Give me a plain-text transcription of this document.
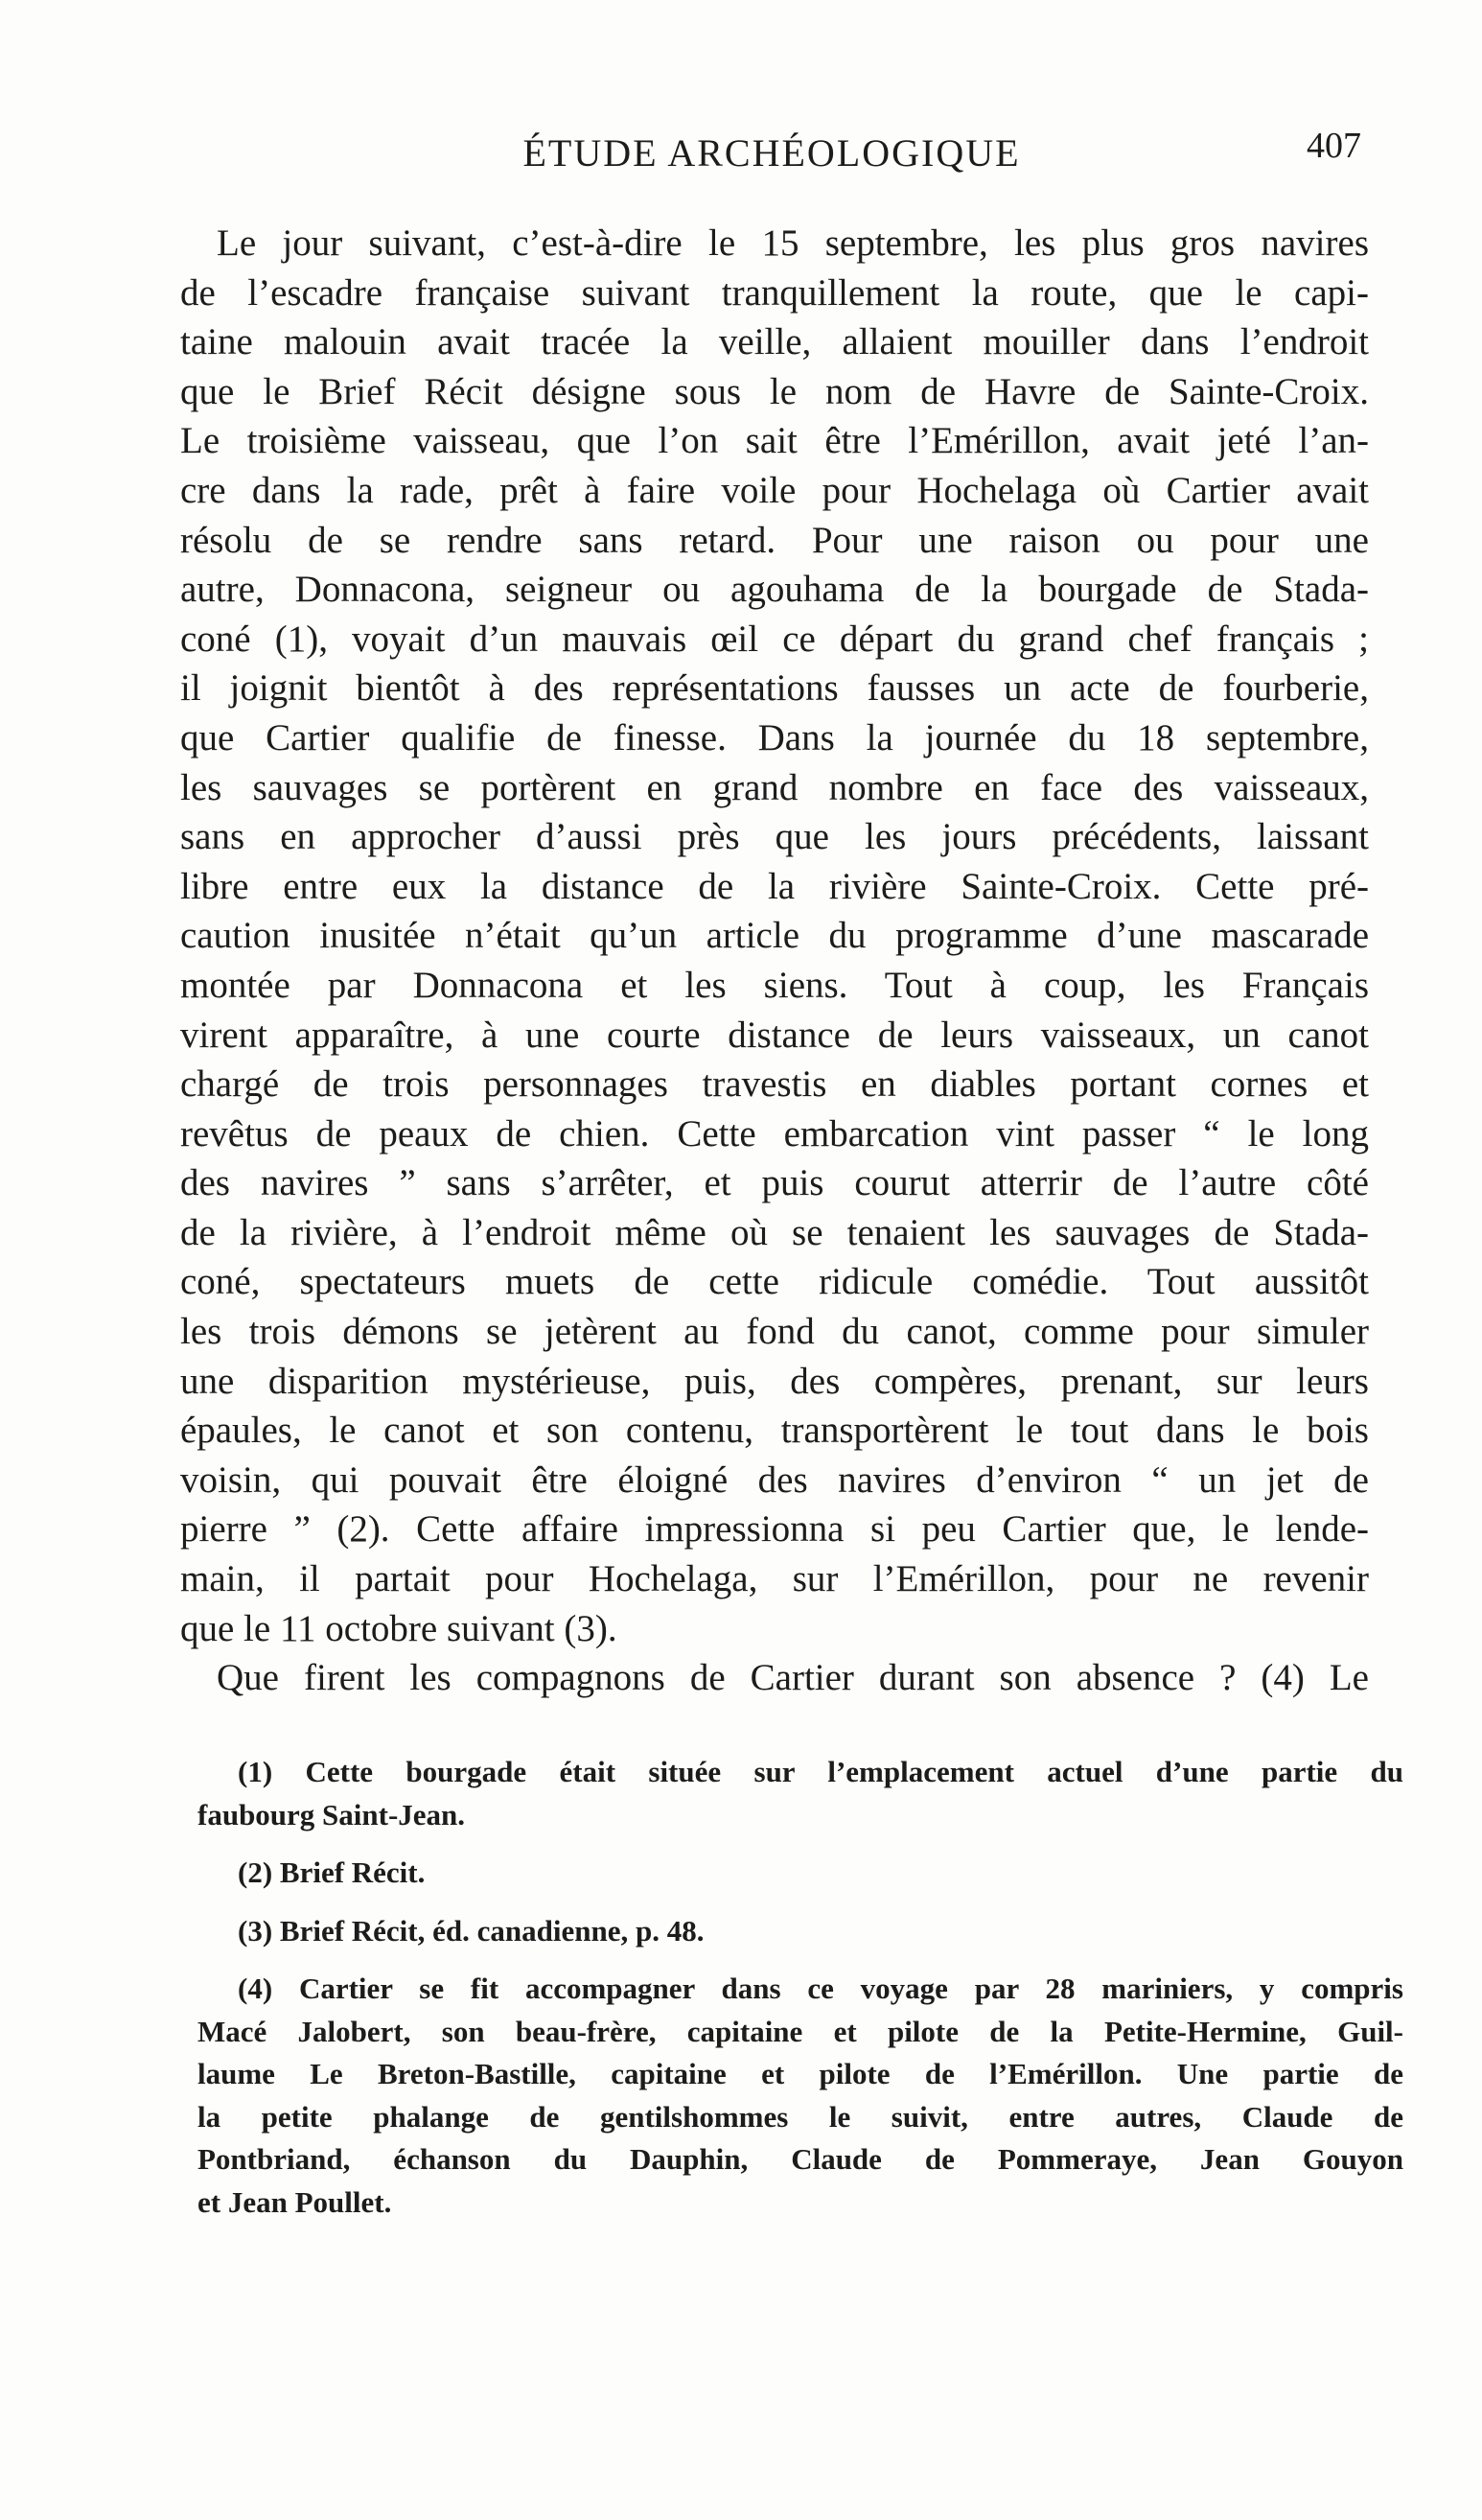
ÉTUDE ARCHÉOLOGIQUE	407
Le jour suivant, c’est-à-dire le 15 septembre, les plus gros navires
de l’escadre française suivant tranquillement la route, que le capi-
taine malouin avait tracée la veille, allaient mouiller dans l’endroit
que le Brief Récit désigne sous le nom de Havre de Sainte-Croix.
Le troisième vaisseau, que l’on sait être l’Emérillon, avait jeté l’an-
cre dans la rade, prêt à faire voile pour Hochelaga où Cartier avait
résolu de se rendre sans retard. Pour une raison ou pour une
autre, Donnacona, seigneur ou agouhama de la bourgade de Stada-
coné (1), voyait d’un mauvais œil ce départ du grand chef français ;
il joignit bientôt à des représentations fausses un acte de fourberie,
que Cartier qualifie de finesse. Dans la journée du 18 septembre,
les sauvages se portèrent en grand nombre en face des vaisseaux,
sans en approcher d’aussi près que les jours précédents, laissant
libre entre eux la distance de la rivière Sainte-Croix. Cette pré-
caution inusitée n’était qu’un article du programme d’une mascarade
montée par Donnacona et les siens. Tout à coup, les Français
virent apparaître, à une courte distance de leurs vaisseaux, un canot
chargé de trois personnages travestis en diables portant cornes et
revêtus de peaux de chien. Cette embarcation vint passer “ le long
des navires ” sans s’arrêter, et puis courut atterrir de l’autre côté
de la rivière, à l’endroit même où se tenaient les sauvages de Stada-
coné, spectateurs muets de cette ridicule comédie. Tout aussitôt
les trois démons se jetèrent au fond du canot, comme pour simuler
une disparition mystérieuse, puis, des compères, prenant, sur leurs
épaules, le canot et son contenu, transportèrent le tout dans le bois
voisin, qui pouvait être éloigné des navires d’environ “ un jet de
pierre ” (2). Cette affaire impressionna si peu Cartier que, le lende-
main, il partait pour Hochelaga, sur l’Emérillon, pour ne revenir
que le 11 octobre suivant (3).
Que firent les compagnons de Cartier durant son absence ? (4) Le
(1) Cette bourgade était située sur l’emplacement actuel d’une partie du
faubourg Saint-Jean.
(2) Brief Récit.
(3) Brief Récit, éd. canadienne, p. 48.
(4) Cartier se fit accompagner dans ce voyage par 28 mariniers, y compris
Macé Jalobert, son beau-frère, capitaine et pilote de la Petite-Hermine, Guil-
laume Le Breton-Bastille, capitaine et pilote de l’Emérillon. Une partie de
la petite phalange de gentilshommes le suivit, entre autres, Claude de
Pontbriand, échanson du Dauphin, Claude de Pommeraye, Jean Gouyon
et Jean Poullet.
